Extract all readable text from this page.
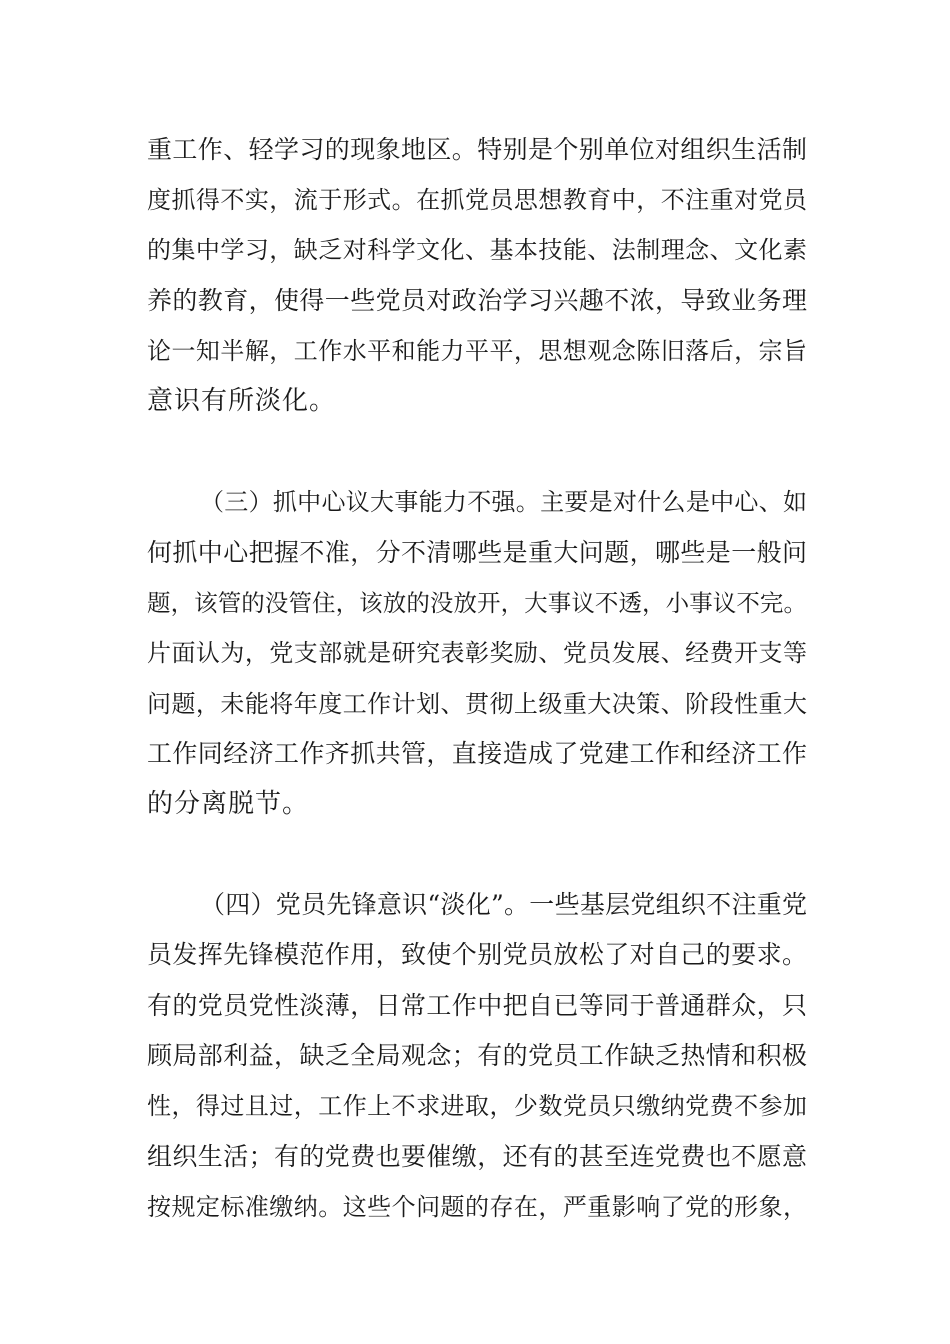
重工作、轻学习的现象地区。特别是个别单位对组织生活制
度抓得不实，流于形式。在抓党员思想教育中，不注重对党员
的集中学习，缺乏对科学文化、基本技能、法制理念、文化素
养的教育，使得一些党员对政治学习兴趣不浓，导致业务理
论一知半解，工作水平和能力平平，思想观念陈旧落后，宗旨
意识有所淡化。
（三）抓中心议大事能力不强。主要是对什么是中心、如
何抓中心把握不准，分不清哪些是重大问题，哪些是一般问
题，该管的没管住，该放的没放开，大事议不透，小事议不完。
片面认为，党支部就是研究表彰奖励、党员发展、经费开支等
问题，未能将年度工作计划、贯彻上级重大决策、阶段性重大
工作同经济工作齐抓共管，直接造成了党建工作和经济工作
的分离脱节。
（四）党员先锋意识“淡化”。一些基层党组织不注重党
员发挥先锋模范作用，致使个别党员放松了对自己的要求。
有的党员党性淡薄，日常工作中把自已等同于普通群众，只
顾局部利益，缺乏全局观念；有的党员工作缺乏热情和积极
性，得过且过，工作上不求进取，少数党员只缴纳党费不参加
组织生活；有的党费也要催缴，还有的甚至连党费也不愿意
按规定标准缴纳。这些个问题的存在，严重影响了党的形象，
